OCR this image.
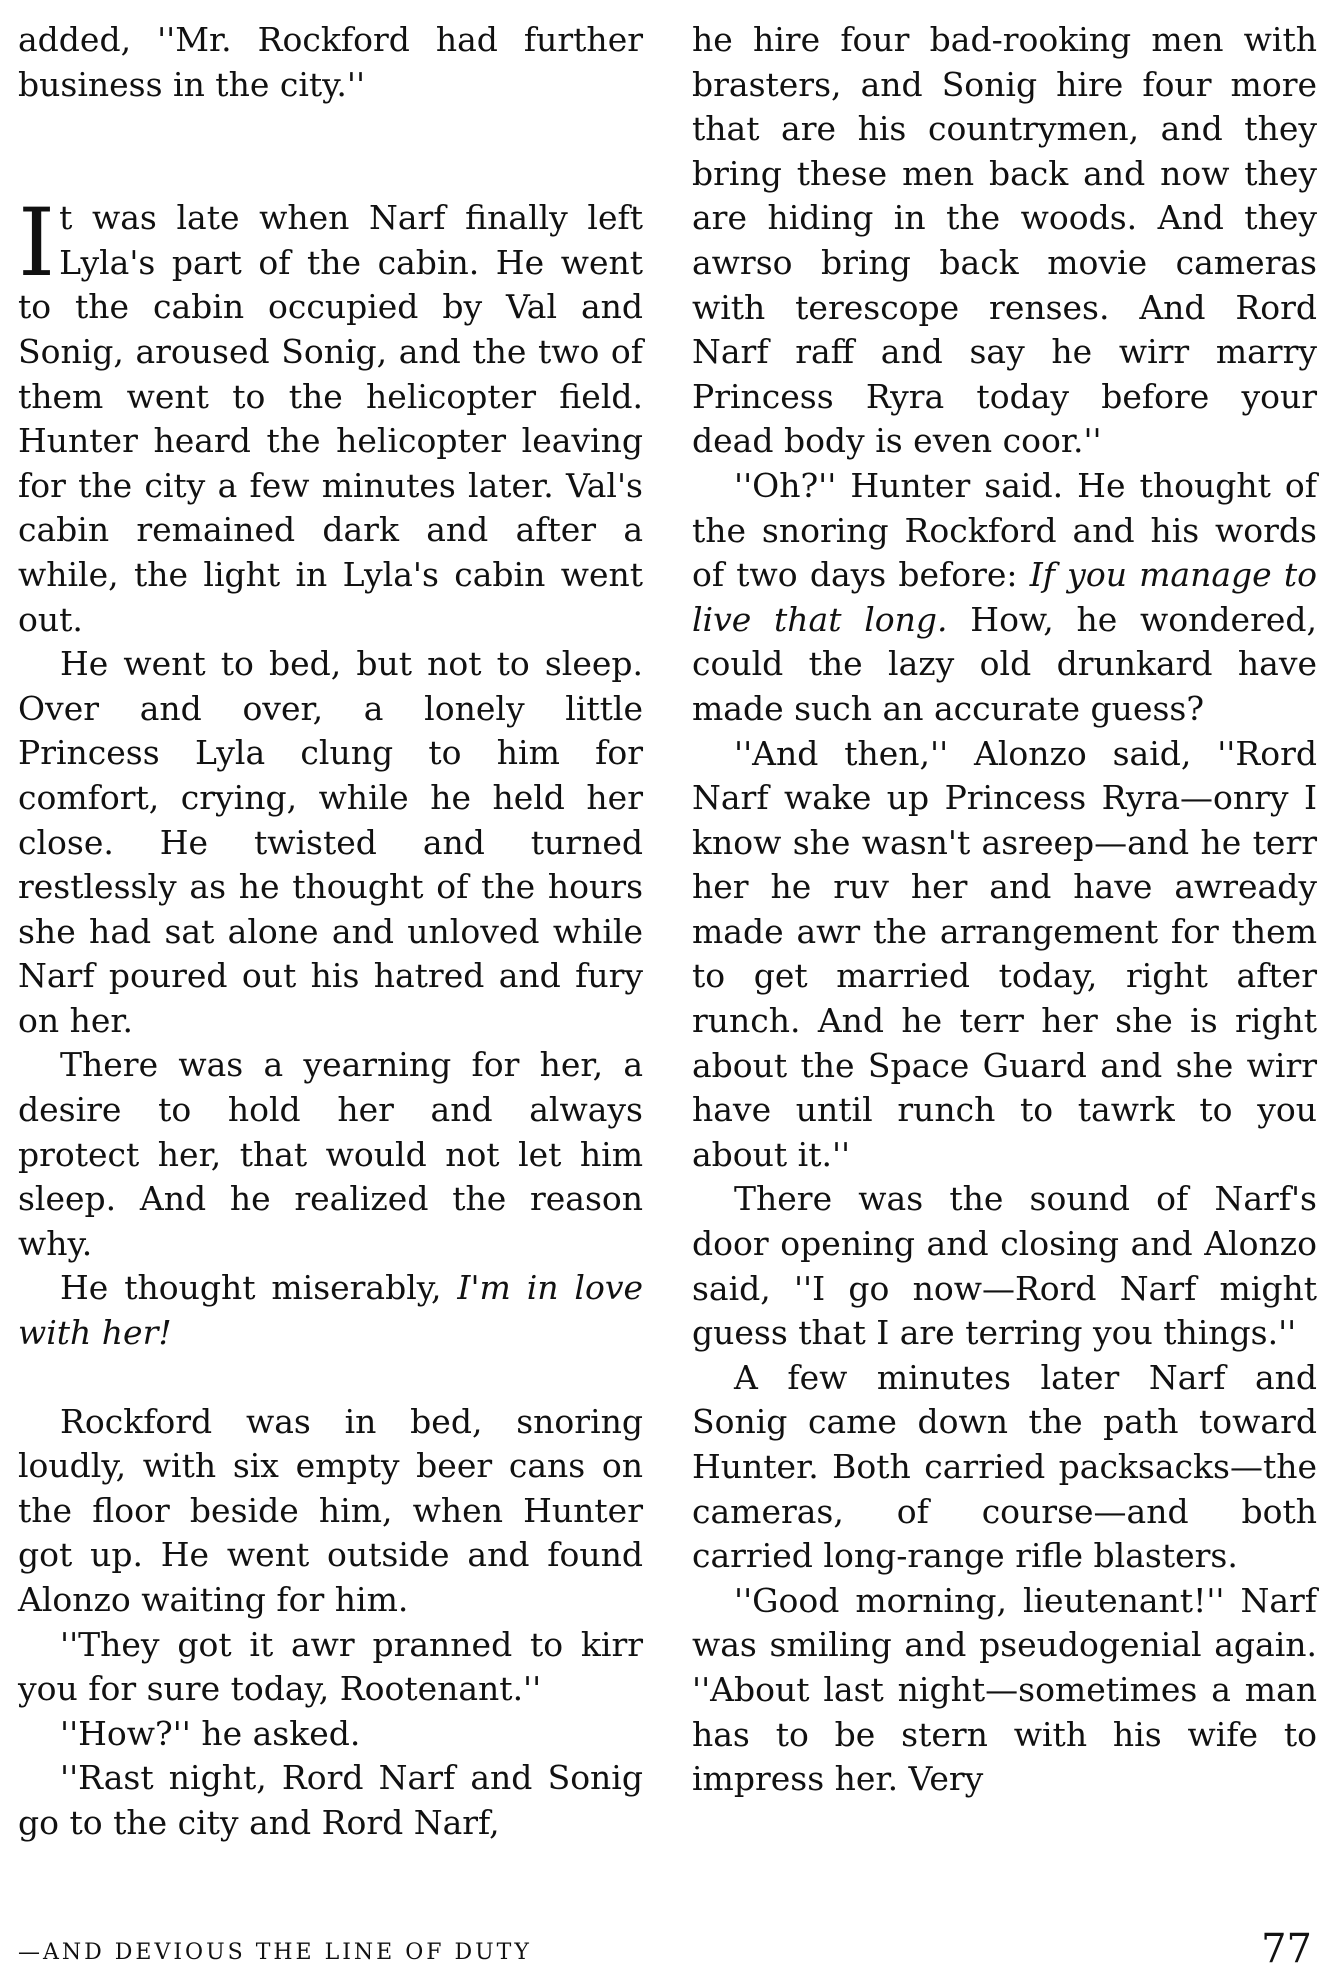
added, ''Mr. Rockford had further business in the city.''

It was late when Narf finally left Lyla's part of the cabin. He went to the cabin occupied by Val and Sonig, aroused Sonig, and the two of them went to the helicopter field. Hunter heard the helicopter leaving for the city a few minutes later. Val's cabin remained dark and after a while, the light in Lyla's cabin went out.

He went to bed, but not to sleep. Over and over, a lonely little Princess Lyla clung to him for comfort, crying, while he held her close. He twisted and turned restlessly as he thought of the hours she had sat alone and unloved while Narf poured out his hatred and fury on her.

There was a yearning for her, a desire to hold her and always protect her, that would not let him sleep. And he realized the reason why.

He thought miserably, I'm in love with her!

Rockford was in bed, snoring loudly, with six empty beer cans on the floor beside him, when Hunter got up. He went outside and found Alonzo waiting for him.

''They got it awr pranned to kirr you for sure today, Rootenant.''

''How?'' he asked.

''Rast night, Rord Narf and Sonig go to the city and Rord Narf,

he hire four bad-rooking men with brasters, and Sonig hire four more that are his countrymen, and they bring these men back and now they are hiding in the woods. And they awrso bring back movie cameras with terescope renses. And Rord Narf raff and say he wirr marry Princess Ryra today before your dead body is even coor.''

''Oh?'' Hunter said. He thought of the snoring Rockford and his words of two days before: If you manage to live that long. How, he wondered, could the lazy old drunkard have made such an accurate guess?

''And then,'' Alonzo said, ''Rord Narf wake up Princess Ryra—onry I know she wasn't asreep—and he terr her he ruv her and have awready made awr the arrangement for them to get married today, right after runch. And he terr her she is right about the Space Guard and she wirr have until runch to tawrk to you about it.''

There was the sound of Narf's door opening and closing and Alonzo said, ''I go now—Rord Narf might guess that I are terring you things.''

A few minutes later Narf and Sonig came down the path toward Hunter. Both carried packsacks—the cameras, of course—and both carried long-range rifle blasters.

''Good morning, lieutenant!'' Narf was smiling and pseudogenial again. ''About last night—sometimes a man has to be stern with his wife to impress her. Very

—AND DEVIOUS THE LINE OF DUTY	77
